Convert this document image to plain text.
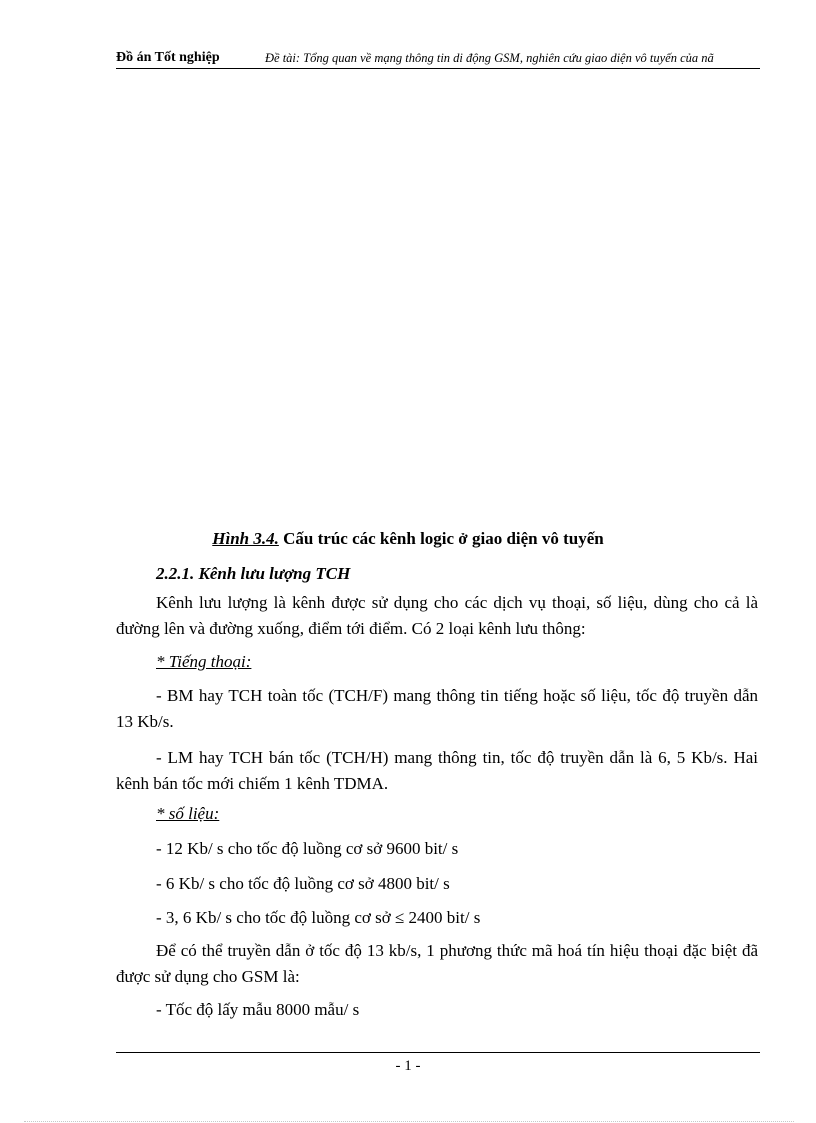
Đồ án Tốt nghiệp	Đề tài: Tổng quan về mạng thông tin di động GSM, nghiên cứu giao diện vô tuyến của nã
Hình 3.4. Cấu trúc các kênh logic ở giao diện vô tuyến
2.2.1. Kênh lưu lượng TCH

Kênh lưu lượng là kênh được sử dụng cho các dịch vụ thoại, số liệu, dùng cho cả là đường lên và đường xuống, điểm tới điểm. Có 2 loại kênh lưu thông:

* Tiếng thoại:

- BM hay TCH toàn tốc (TCH/F) mang thông tin tiếng hoặc số liệu, tốc độ truyền dẫn 13 Kb/s.

- LM hay TCH bán tốc (TCH/H) mang thông tin, tốc độ truyền dẫn là 6, 5 Kb/s. Hai kênh bán tốc mới chiếm 1 kênh TDMA.

* số liệu:
- 12 Kb/ s cho tốc độ luồng cơ sở 9600 bit/ s
- 6 Kb/ s cho tốc độ luồng cơ sở 4800 bit/ s
- 3, 6 Kb/ s cho tốc độ luồng cơ sở ≤ 2400 bit/ s

Để có thể truyền dẫn ở tốc độ 13 kb/s, 1 phương thức mã hoá tín hiệu thoại đặc biệt đã được sử dụng cho GSM là:

- Tốc độ lấy mẫu 8000 mẫu/ s
- 1 -
